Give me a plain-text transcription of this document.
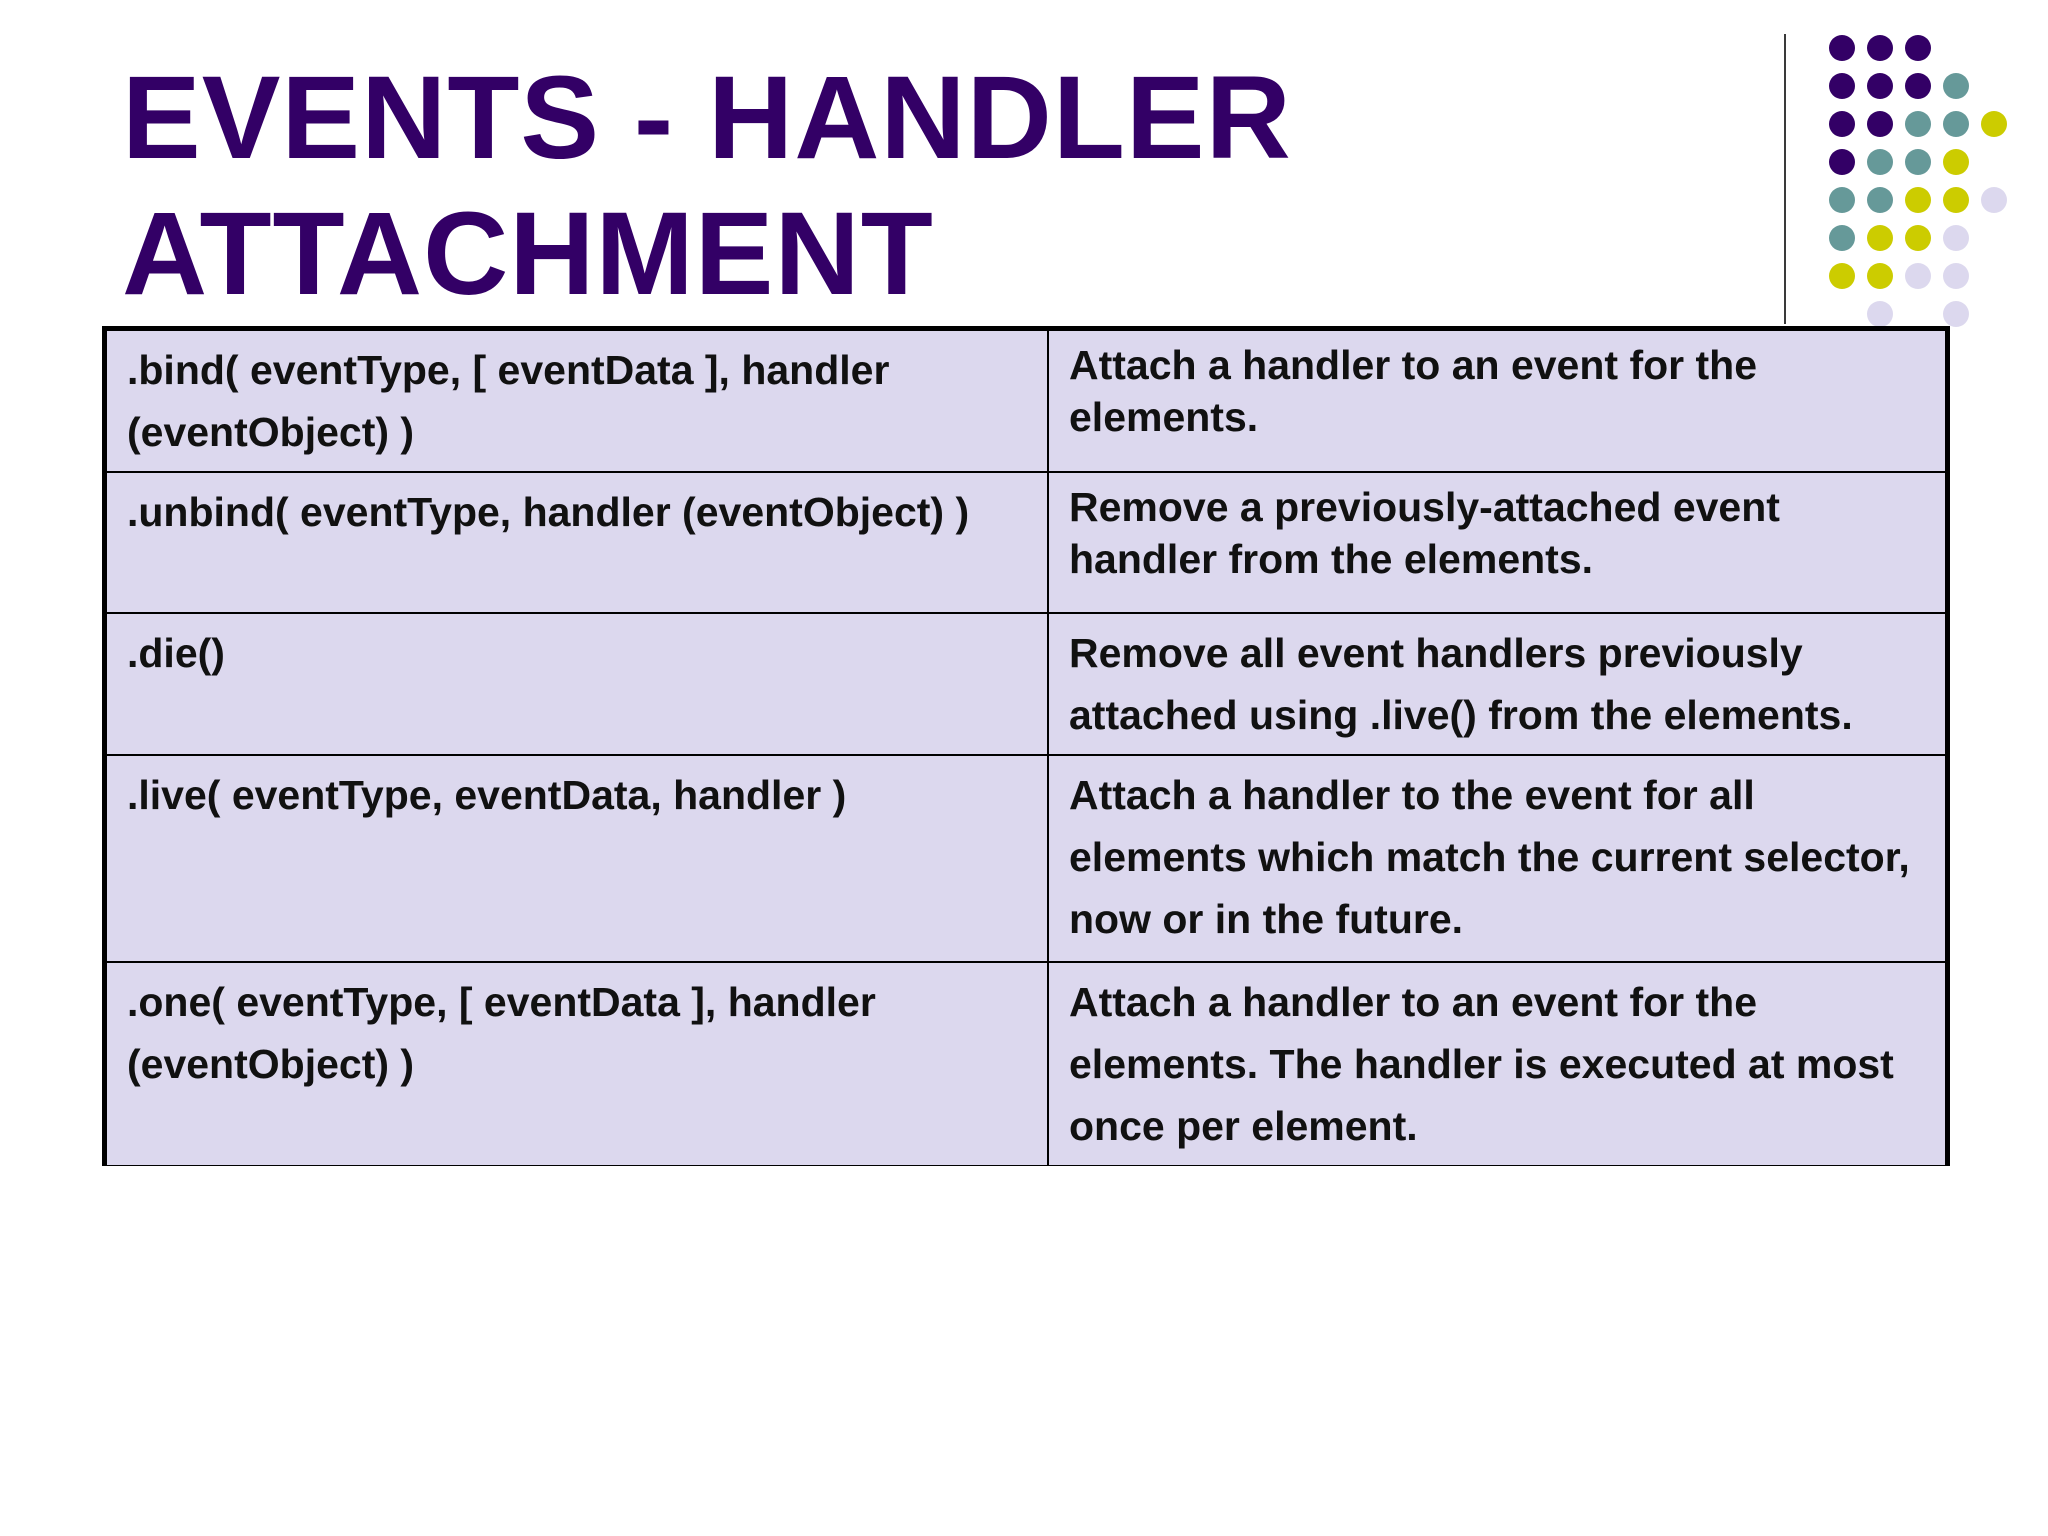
EVENTS - HANDLER
ATTACHMENT
.bind( eventType, [ eventData ], handler (eventObject) )	Attach a handler to an event for the elements.
.unbind( eventType, handler (eventObject) )	Remove a previously-attached event handler from the elements.
.die()	Remove all event handlers previously attached using .live() from the elements.
.live( eventType, eventData, handler )	Attach a handler to the event for all elements which match the current selector, now or in the future.
.one( eventType, [ eventData ], handler (eventObject) )	Attach a handler to an event for the elements. The handler is executed at most once per element.
